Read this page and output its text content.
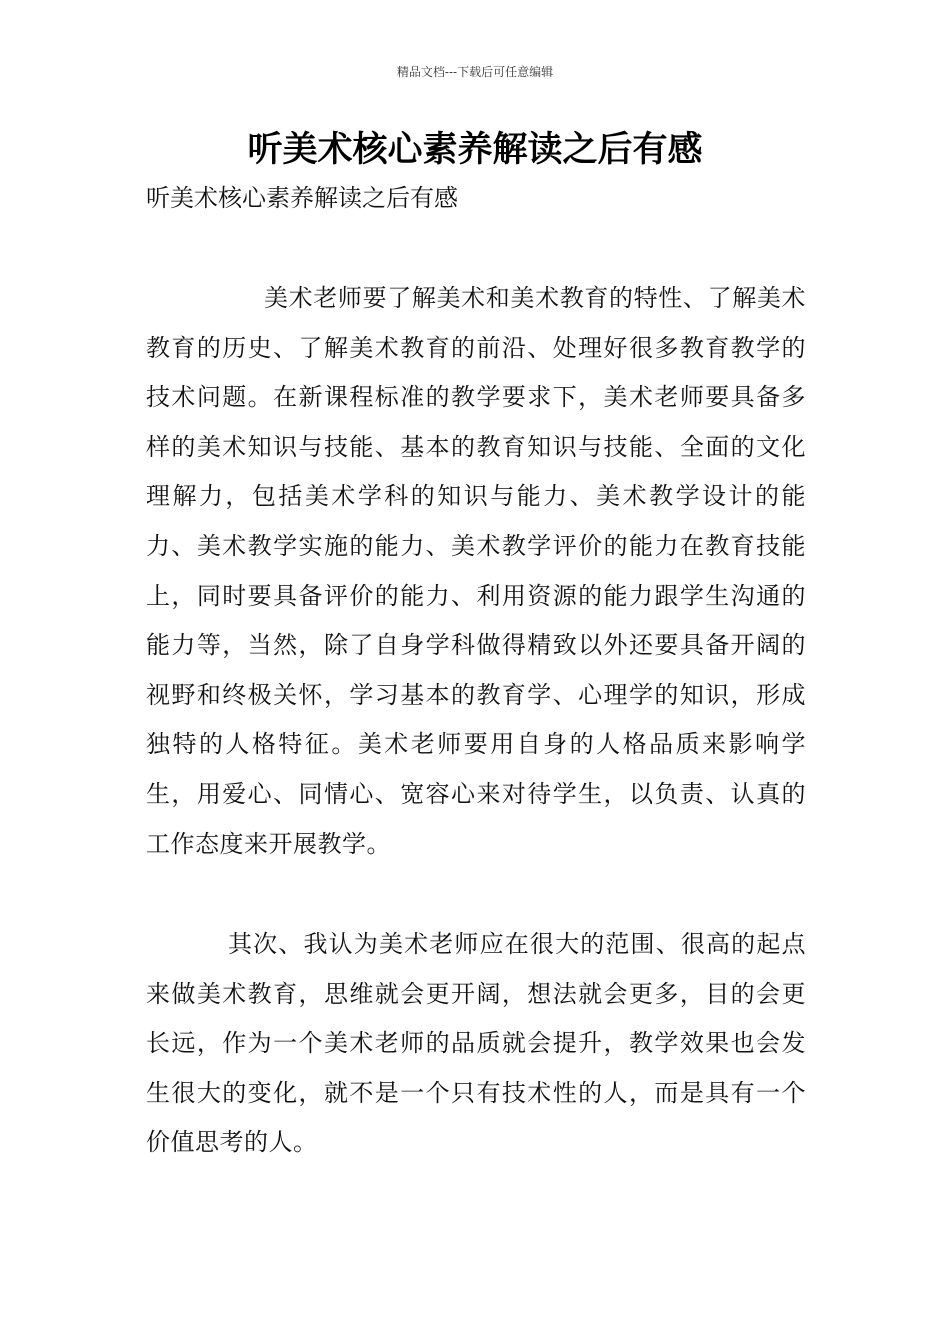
精品文档---下载后可任意编辑
听美术核心素养解读之后有感

听美术核心素养解读之后有感

美术老师要了解美术和美术教育的特性、了解美术教育的历史、了解美术教育的前沿、处理好很多教育教学的技术问题。在新课程标准的教学要求下，美术老师要具备多样的美术知识与技能、基本的教育知识与技能、全面的文化理解力，包括美术学科的知识与能力、美术教学设计的能力、美术教学实施的能力、美术教学评价的能力在教育技能上，同时要具备评价的能力、利用资源的能力跟学生沟通的能力等，当然，除了自身学科做得精致以外还要具备开阔的视野和终极关怀，学习基本的教育学、心理学的知识，形成独特的人格特征。美术老师要用自身的人格品质来影响学生，用爱心、同情心、宽容心来对待学生，以负责、认真的工作态度来开展教学。

其次、我认为美术老师应在很大的范围、很高的起点来做美术教育，思维就会更开阔，想法就会更多，目的会更长远，作为一个美术老师的品质就会提升，教学效果也会发生很大的变化，就不是一个只有技术性的人，而是具有一个价值思考的人。
